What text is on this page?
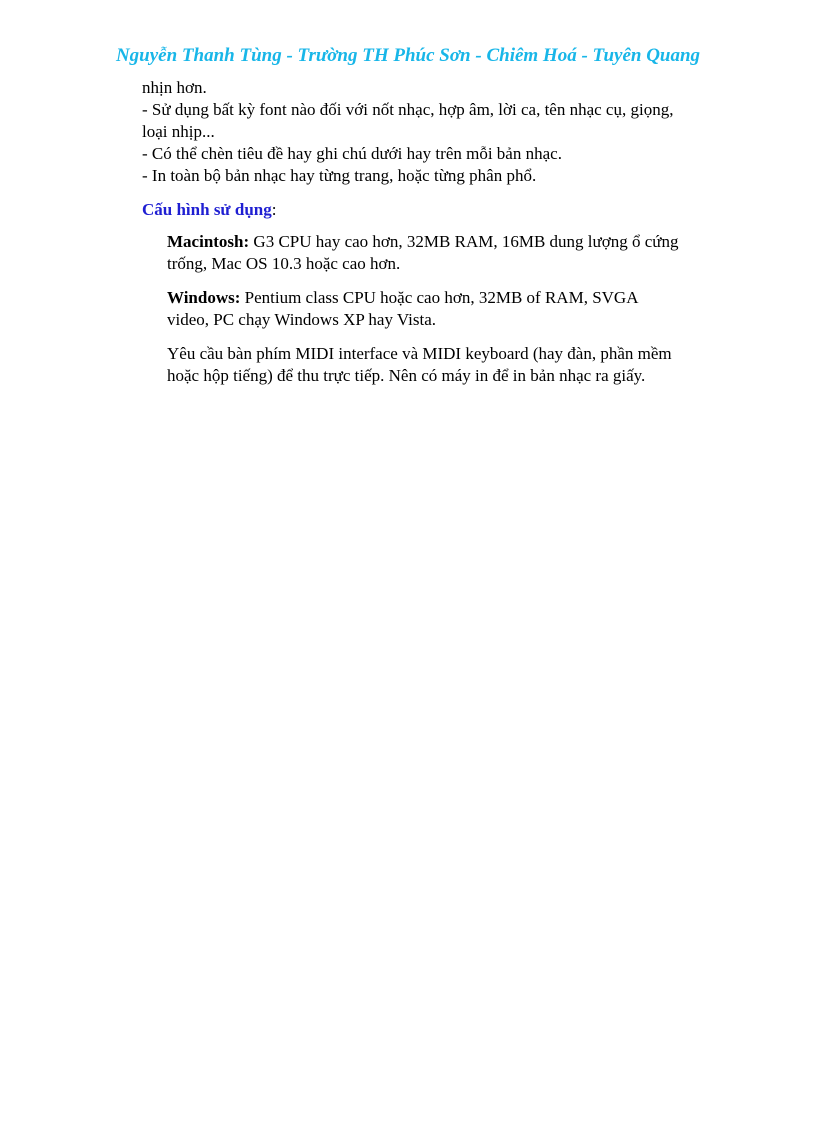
Nguyễn Thanh Tùng - Trường TH Phúc Sơn - Chiêm Hoá - Tuyên Quang

nhịn hơn.

- Sử dụng bất kỳ font nào đối với nốt nhạc, hợp âm, lời ca, tên nhạc cụ, giọng,

loại nhịp...

- Có thể chèn tiêu đề hay ghi chú dưới hay trên mỗi bản nhạc.

- In toàn bộ bản nhạc hay từng trang, hoặc từng phân phổ.

Cấu hình sử dụng:

Macintosh: G3 CPU hay cao hơn, 32MB RAM, 16MB dung lượng ổ cứng
trống, Mac OS 10.3 hoặc cao hơn.

Windows: Pentium class CPU hoặc cao hơn, 32MB of RAM, SVGA
video, PC chạy Windows XP hay Vista.

Yêu cầu bàn phím MIDI interface và MIDI keyboard (hay đàn, phần mềm
hoặc hộp tiếng) để thu trực tiếp. Nên có máy in để in bản nhạc ra giấy.
